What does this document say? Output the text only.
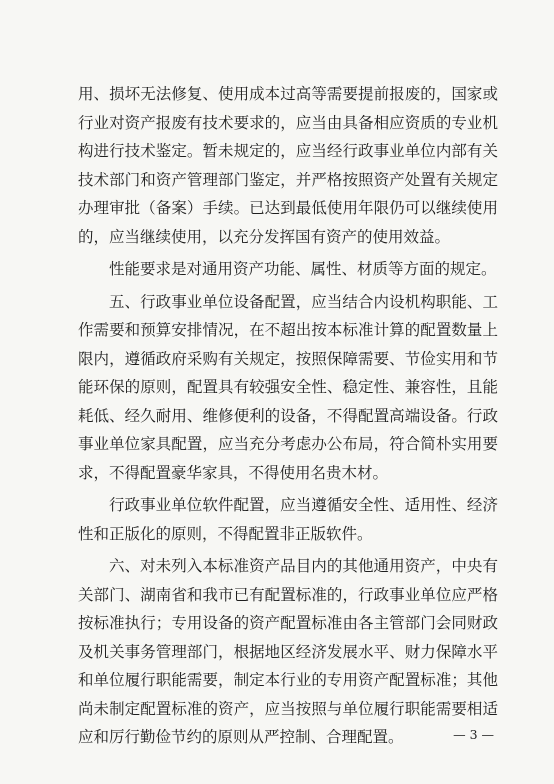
用、损坏无法修复、使用成本过高等需要提前报废的，国家或
行业对资产报废有技术要求的，应当由具备相应资质的专业机
构进行技术鉴定。暂未规定的，应当经行政事业单位内部有关
技术部门和资产管理部门鉴定，并严格按照资产处置有关规定
办理审批（备案）手续。已达到最低使用年限仍可以继续使用
的，应当继续使用，以充分发挥国有资产的使用效益。
性能要求是对通用资产功能、属性、材质等方面的规定。
五、行政事业单位设备配置，应当结合内设机构职能、工
作需要和预算安排情况，在不超出按本标准计算的配置数量上
限内，遵循政府采购有关规定，按照保障需要、节俭实用和节
能环保的原则，配置具有较强安全性、稳定性、兼容性，且能
耗低、经久耐用、维修便利的设备，不得配置高端设备。行政
事业单位家具配置，应当充分考虑办公布局，符合简朴实用要
求，不得配置豪华家具，不得使用名贵木材。
行政事业单位软件配置，应当遵循安全性、适用性、经济
性和正版化的原则，不得配置非正版软件。
六、对未列入本标准资产品目内的其他通用资产，中央有
关部门、湖南省和我市已有配置标准的，行政事业单位应严格
按标准执行；专用设备的资产配置标准由各主管部门会同财政
及机关事务管理部门，根据地区经济发展水平、财力保障水平
和单位履行职能需要，制定本行业的专用资产配置标准；其他
尚未制定配置标准的资产，应当按照与单位履行职能需要相适
应和厉行勤俭节约的原则从严控制、合理配置。	— 3 —
